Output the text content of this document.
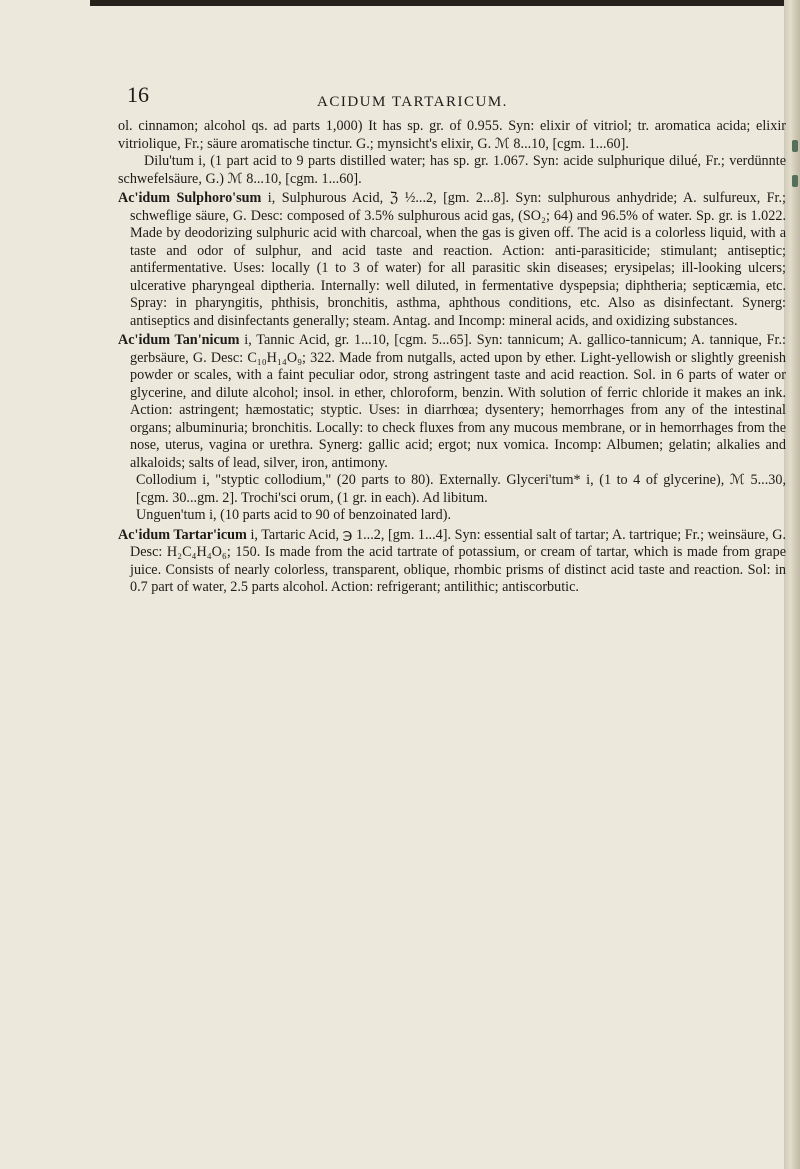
16	ACIDUM TARTARICUM.

ol. cinnamon; alcohol qs. ad parts 1,000) It has sp. gr. of 0.955. Syn: elixir of vitriol; tr. aromatica acida; elixir vitriolique, Fr.; säure aromatische tinctur. G.; mynsicht's elixir, G. ℳ 8...10, [cgm. 1...60].

Dilu'tum i, (1 part acid to 9 parts distilled water; has sp. gr. 1.067. Syn: acide sulphurique dilué, Fr.; verdünnte schwefelsäure, G.) ℳ 8...10, [cgm. 1...60].

Ac'idum Sulphoro'sum i, Sulphurous Acid, ℨ ½...2, [gm. 2...8]. Syn: sulphurous anhydride; A. sulfureux, Fr.; schweflige säure, G. Desc: composed of 3.5% sulphurous acid gas, (SO₂; 64) and 96.5% of water. Sp. gr. is 1.022. Made by deodorizing sulphuric acid with charcoal, when the gas is given off. The acid is a colorless liquid, with a taste and odor of sulphur, and acid taste and reaction. Action: anti-parasiticide; stimulant; antiseptic; antifermentative. Uses: locally (1 to 3 of water) for all parasitic skin diseases; erysipelas; ill-looking ulcers; ulcerative pharyngeal diptheria. Internally: well diluted, in fermentative dyspepsia; diphtheria; septicæmia, etc. Spray: in pharyngitis, phthisis, bronchitis, asthma, aphthous conditions, etc. Also as disinfectant. Synerg: antiseptics and disinfectants generally; steam. Antag. and Incomp: mineral acids, and oxidizing substances.

Ac'idum Tan'nicum i, Tannic Acid, gr. 1...10, [cgm. 5...65]. Syn: tannicum; A. gallico-tannicum; A. tannique, Fr.: gerbsäure, G. Desc: C₁₀H₁₄O₉; 322. Made from nutgalls, acted upon by ether. Light-yellowish or slightly greenish powder or scales, with a faint peculiar odor, strong astringent taste and acid reaction. Sol. in 6 parts of water or glycerine, and dilute alcohol; insol. in ether, chloroform, benzin. With solution of ferric chloride it makes an ink. Action: astringent; hæmostatic; styptic. Uses: in diarrhœa; dysentery; hemorrhages from any of the intestinal organs; albuminuria; bronchitis. Locally: to check fluxes from any mucous membrane, or in hemorrhages from the nose, uterus, vagina or urethra. Synerg: gallic acid; ergot; nux vomica. Incomp: Albumen; gelatin; alkalies and alkaloids; salts of lead, silver, iron, antimony.

Collodium i, "styptic collodium," (20 parts to 80). Externally. Glyceri'tum* i, (1 to 4 of glycerine), ℳ 5...30, [cgm. 30...gm. 2]. Trochi'sci orum, (1 gr. in each). Ad libitum.

Unguen'tum i, (10 parts acid to 90 of benzoinated lard).

Ac'idum Tartar'icum i, Tartaric Acid, ℈ 1...2, [gm. 1...4]. Syn: essential salt of tartar; A. tartrique; Fr.; weinsäure, G. Desc: H₂C₄H₄O₆; 150. Is made from the acid tartrate of potassium, or cream of tartar, which is made from grape juice. Consists of nearly colorless, transparent, oblique, rhombic prisms of distinct acid taste and reaction. Sol: in 0.7 part of water, 2.5 parts alcohol. Action: refrigerant; antilithic; antiscorbutic.
